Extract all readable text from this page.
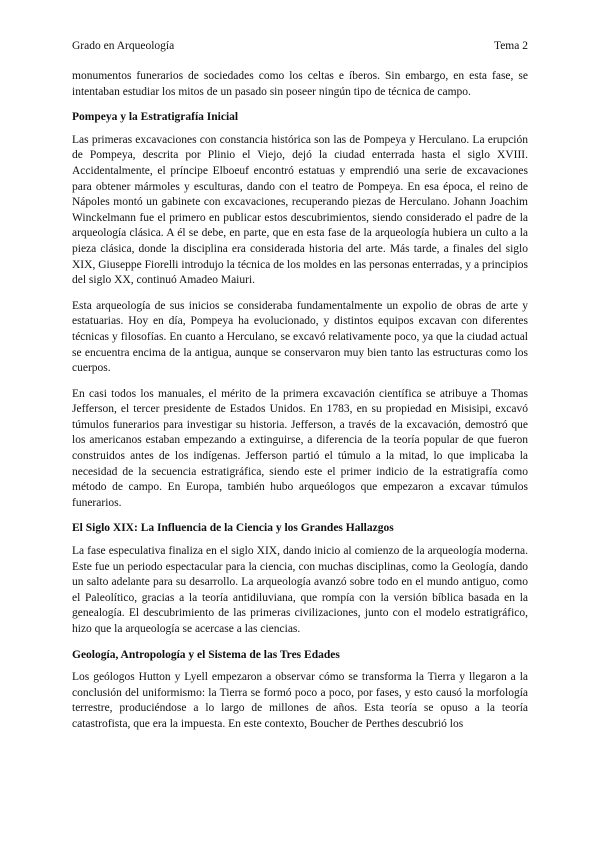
Grado en Arqueología	Tema 2

monumentos funerarios de sociedades como los celtas e íberos. Sin embargo, en esta fase, se intentaban estudiar los mitos de un pasado sin poseer ningún tipo de técnica de campo.

Pompeya y la Estratigrafía Inicial

Las primeras excavaciones con constancia histórica son las de Pompeya y Herculano. La erupción de Pompeya, descrita por Plinio el Viejo, dejó la ciudad enterrada hasta el siglo XVIII. Accidentalmente, el príncipe Elboeuf encontró estatuas y emprendió una serie de excavaciones para obtener mármoles y esculturas, dando con el teatro de Pompeya. En esa época, el reino de Nápoles montó un gabinete con excavaciones, recuperando piezas de Herculano. Johann Joachim Winckelmann fue el primero en publicar estos descubrimientos, siendo considerado el padre de la arqueología clásica. A él se debe, en parte, que en esta fase de la arqueología hubiera un culto a la pieza clásica, donde la disciplina era considerada historia del arte. Más tarde, a finales del siglo XIX, Giuseppe Fiorelli introdujo la técnica de los moldes en las personas enterradas, y a principios del siglo XX, continuó Amadeo Maiuri.

Esta arqueología de sus inicios se consideraba fundamentalmente un expolio de obras de arte y estatuarias. Hoy en día, Pompeya ha evolucionado, y distintos equipos excavan con diferentes técnicas y filosofías. En cuanto a Herculano, se excavó relativamente poco, ya que la ciudad actual se encuentra encima de la antigua, aunque se conservaron muy bien tanto las estructuras como los cuerpos.

En casi todos los manuales, el mérito de la primera excavación científica se atribuye a Thomas Jefferson, el tercer presidente de Estados Unidos. En 1783, en su propiedad en Misisipi, excavó túmulos funerarios para investigar su historia. Jefferson, a través de la excavación, demostró que los americanos estaban empezando a extinguirse, a diferencia de la teoría popular de que fueron construidos antes de los indígenas. Jefferson partió el túmulo a la mitad, lo que implicaba la necesidad de la secuencia estratigráfica, siendo este el primer indicio de la estratigrafía como método de campo. En Europa, también hubo arqueólogos que empezaron a excavar túmulos funerarios.

El Siglo XIX: La Influencia de la Ciencia y los Grandes Hallazgos

La fase especulativa finaliza en el siglo XIX, dando inicio al comienzo de la arqueología moderna. Este fue un periodo espectacular para la ciencia, con muchas disciplinas, como la Geología, dando un salto adelante para su desarrollo. La arqueología avanzó sobre todo en el mundo antiguo, como el Paleolítico, gracias a la teoría antidiluviana, que rompía con la versión bíblica basada en la genealogía. El descubrimiento de las primeras civilizaciones, junto con el modelo estratigráfico, hizo que la arqueología se acercase a las ciencias.

Geología, Antropología y el Sistema de las Tres Edades

Los geólogos Hutton y Lyell empezaron a observar cómo se transforma la Tierra y llegaron a la conclusión del uniformismo: la Tierra se formó poco a poco, por fases, y esto causó la morfología terrestre, produciéndose a lo largo de millones de años. Esta teoría se opuso a la teoría catastrofista, que era la impuesta. En este contexto, Boucher de Perthes descubrió los
